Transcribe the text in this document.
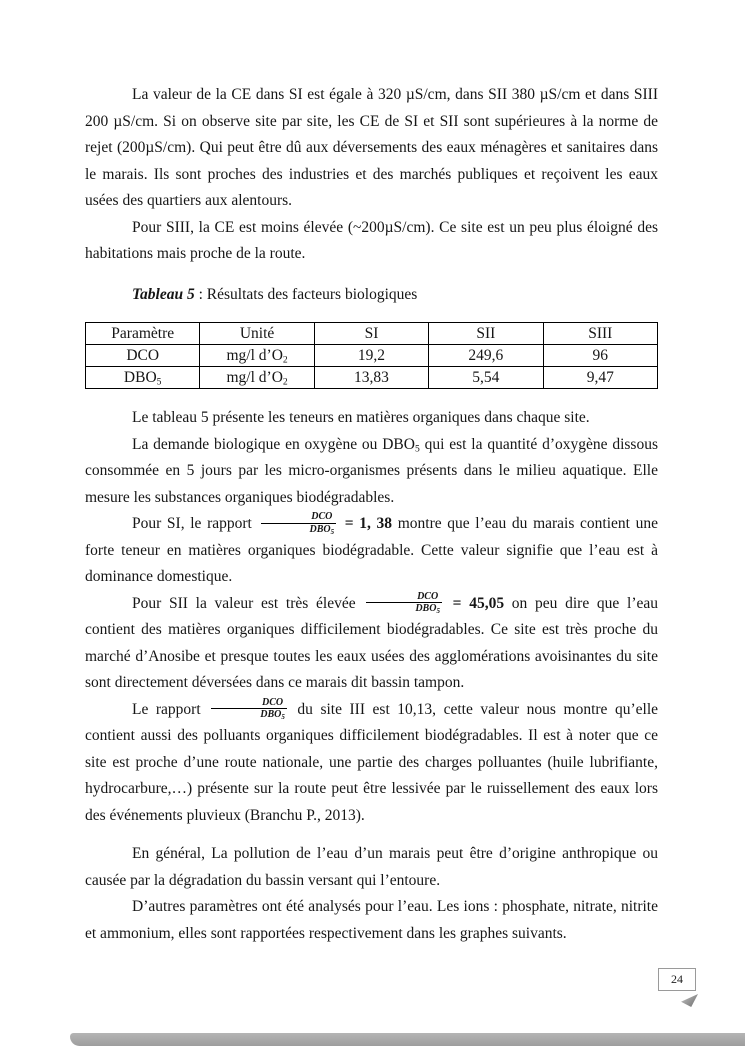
La valeur de la CE dans SI est égale à 320 µS/cm, dans SII 380 µS/cm et dans SIII 200 µS/cm. Si on observe site par site, les CE de SI et SII sont supérieures à la norme de rejet (200µS/cm). Qui peut être dû aux déversements des eaux ménagères et sanitaires dans le marais. Ils sont proches des industries et des marchés publiques et reçoivent les eaux usées des quartiers aux alentours.

Pour SIII, la CE est moins élevée (~200µS/cm). Ce site est un peu plus éloigné des habitations mais proche de la route.

Tableau 5 : Résultats des facteurs biologiques

Paramètre	Unité	SI	SII	SIII
DCO	mg/l $d’O_2$	19,2	249,6	96
$DBO_5$	mg/l $d’O_2$	13,83	5,54	9,47

Le tableau 5 présente les teneurs en matières organiques dans chaque site.

La demande biologique en oxygène ou $DBO_5$ qui est la quantité d’oxygène dissous consommée en 5 jours par les micro-organismes présents dans le milieu aquatique. Elle mesure les substances organiques biodégradables.

Pour SI, le rapport $\frac{\text{DCO}}{DBO_5} = 1$, 38 montre que l’eau du marais contient une forte teneur en matières organiques biodégradable. Cette valeur signifie que l’eau est à dominance domestique.

Pour SII la valeur est très élevée $\frac{\text{DCO}}{DBO_5} = 45,05$ on peu dire que l’eau contient des matières organiques difficilement biodégradables. Ce site est très proche du marché d’Anosibe et presque toutes les eaux usées des agglomérations avoisinantes du site sont directement déversées dans ce marais dit bassin tampon.

Le rapport $\frac{\text{DCO}}{DBO_5}$ du site III est 10,13, cette valeur nous montre qu’elle contient aussi des polluants organiques difficilement biodégradables. Il est à noter que ce site est proche d’une route nationale, une partie des charges polluantes (huile lubrifiante, hydrocarbure,…) présente sur la route peut être lessivée par le ruissellement des eaux lors des événements pluvieux (Branchu P., 2013).

En général, La pollution de l’eau d’un marais peut être d’origine anthropique ou causée par la dégradation du bassin versant qui l’entoure.

D’autres paramètres ont été analysés pour l’eau. Les ions : phosphate, nitrate, nitrite et ammonium, elles sont rapportées respectivement dans les graphes suivants.

24
